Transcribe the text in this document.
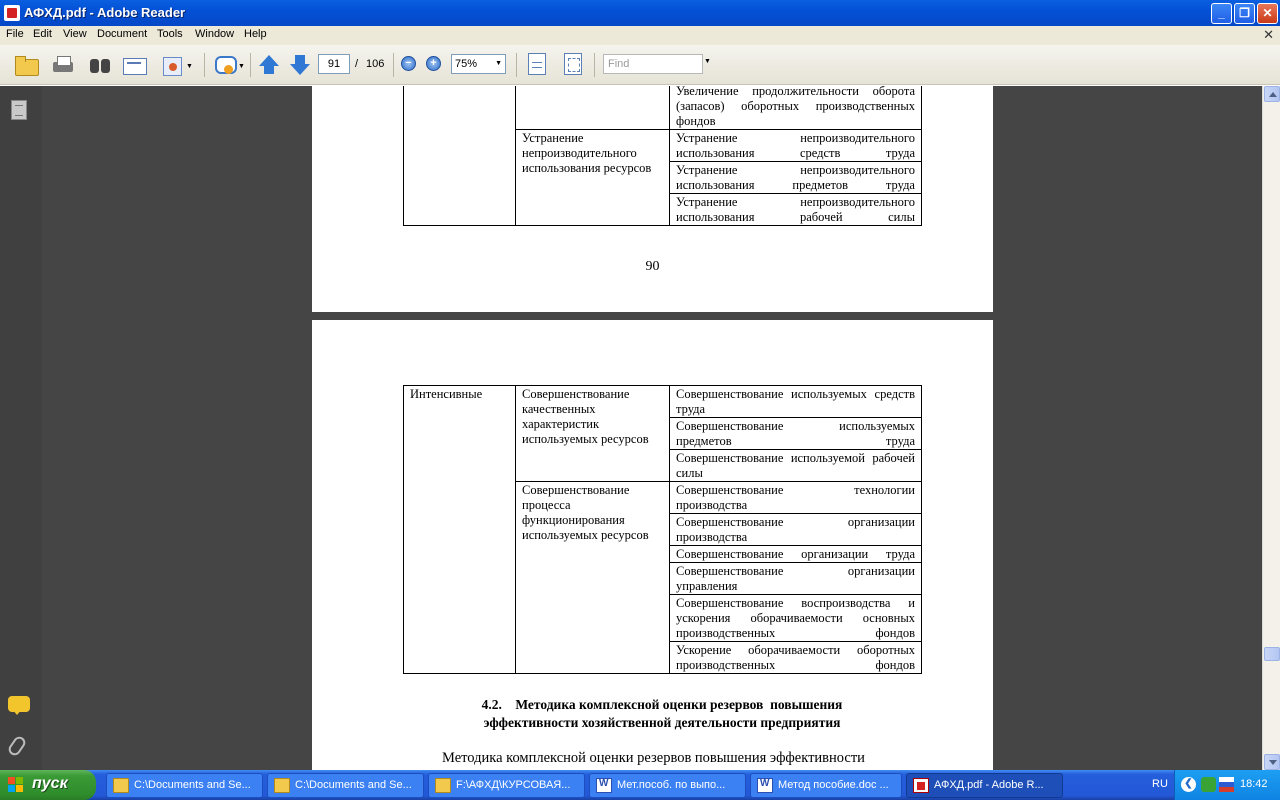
АФХД.pdf - Adobe Reader	_	❐	✕
File Edit View Document Tools Window Help	✕
▼	▼	91	/ 106	−	+	75%	▼	Find	▼
		Увеличение продолжительности оборота (запасов) оборотных производственных фондов
	Устранение непроизводительного использования ресурсов	Устранение непроизводительного использования средств труда
		Устранение непроизводительного использования предметов труда
		Устранение непроизводительного использования рабочей силы
90
Интенсивные	Совершенствование качественных характеристик используемых ресурсов	Совершенствование используемых средств труда
		Совершенствование используемых предметов труда
		Совершенствование используемой рабочей силы
	Совершенствование процесса функционирования используемых ресурсов	Совершенствование технологии производства
		Совершенствование организации производства
		Совершенствование организации труда
		Совершенствование организации управления
		Совершенствование воспроизводства и ускорения оборачиваемости основных производственных фондов
		Ускорение оборачиваемости оборотных производственных фондов
4.2.    Методика комплексной оценки резервов  повышения
эффективности хозяйственной деятельности предприятия
Методика комплексной оценки резервов повышения эффективности
пуск	C:\Documents and Se...	C:\Documents and Se...	F:\АФХД\КУРСОВАЯ... W	Мет.пособ. по выпо... W	Метод пособие.doc ...	АФХД.pdf - Adobe R...	RU	❮	18:42
